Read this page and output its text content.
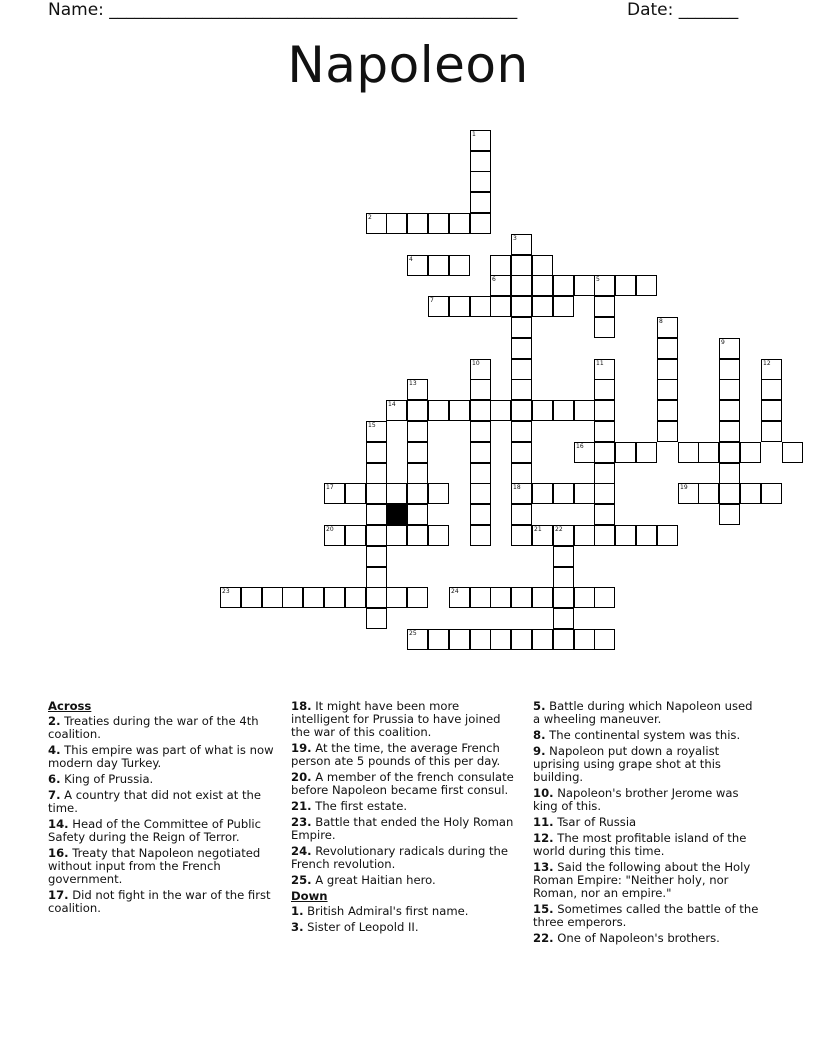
Name: ________________________________________________	Date: _______
Napoleon
1
2
3
18
4
5
6
7
8
9
10	11	12
13
14
15
16
17	19
20	21 22
23	24
25
Across
2. Treaties during the war of the 4th coalition.
4. This empire was part of what is now modern day Turkey.
6. King of Prussia.
7. A country that did not exist at the time.
14. Head of the Committee of Public Safety during the Reign of Terror.
16. Treaty that Napoleon negotiated without input from the French government.
17. Did not fight in the war of the first coalition.
18. It might have been more intelligent for Prussia to have joined the war of this coalition.
19. At the time, the average French person ate 5 pounds of this per day.
20. A member of the french consulate before Napoleon became first consul.
21. The first estate.
23. Battle that ended the Holy Roman Empire.
24. Revolutionary radicals during the French revolution.
25. A great Haitian hero.
Down
1. British Admiral's first name.
3. Sister of Leopold II.
5. Battle during which Napoleon used a wheeling maneuver.
8. The continental system was this.
9. Napoleon put down a royalist uprising using grape shot at this building.
10. Napoleon's brother Jerome was king of this.
11. Tsar of Russia
12. The most profitable island of the world during this time.
13. Said the following about the Holy Roman Empire: "Neither holy, nor Roman, nor an empire."
15. Sometimes called the battle of the three emperors.
22. One of Napoleon's brothers.
